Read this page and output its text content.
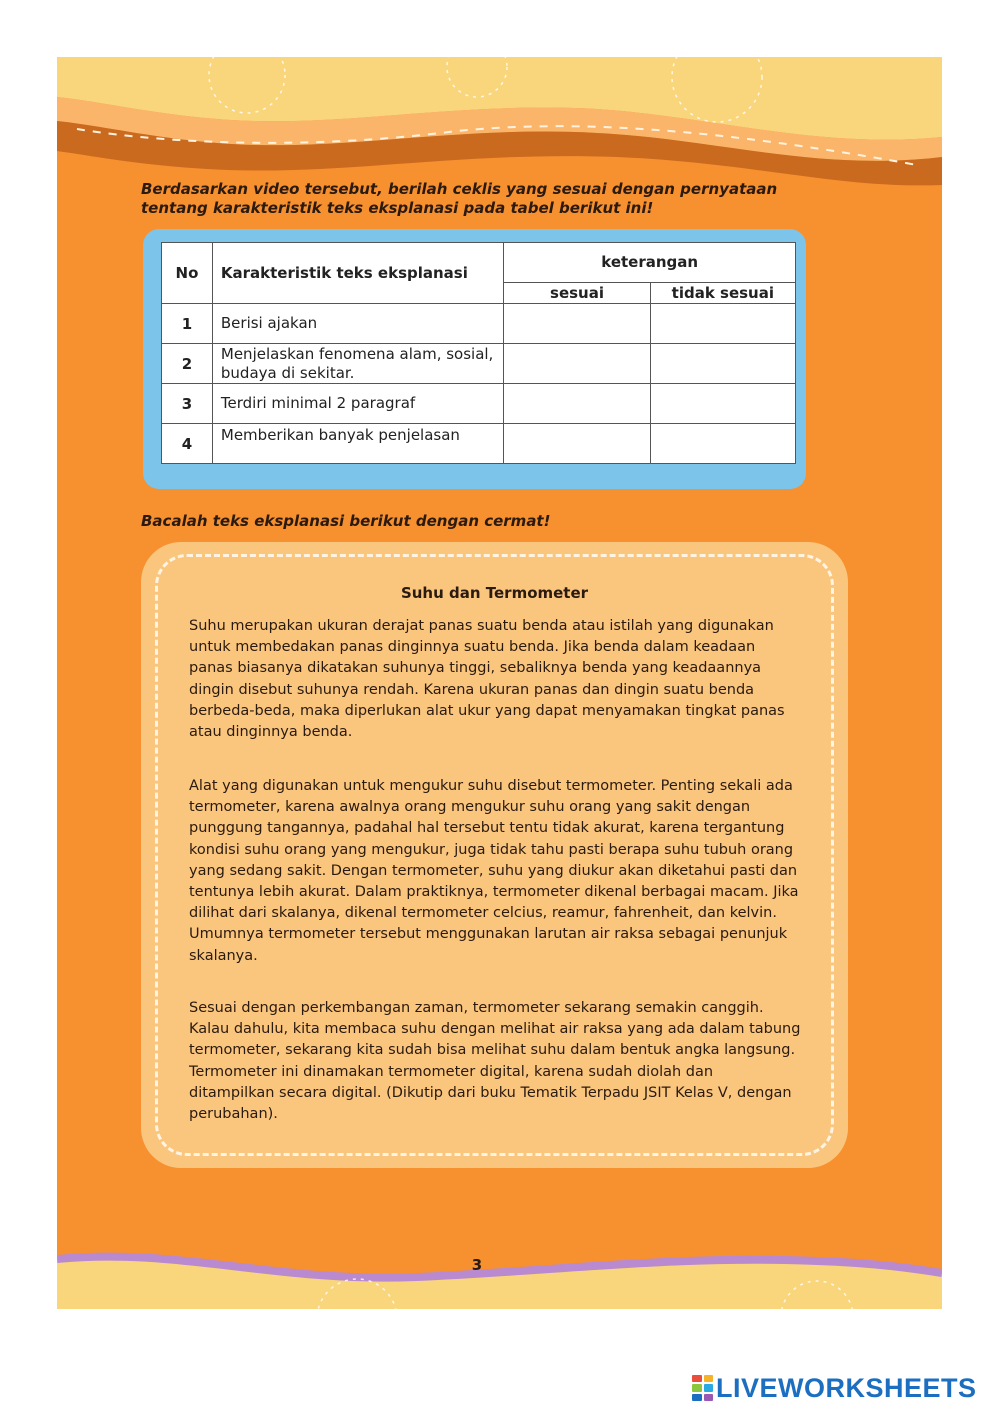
Berdasarkan video tersebut, berilah ceklis yang sesuai dengan pernyataan tentang karakteristik teks eksplanasi pada tabel berikut ini!

No	Karakteristik teks eksplanasi	keterangan	
		sesuai	tidak sesuai
1	Berisi ajakan		
2	Menjelaskan fenomena alam, sosial, budaya di sekitar.		
3	Terdiri minimal 2 paragraf		
4	Memberikan banyak penjelasan		

Bacalah teks eksplanasi berikut dengan cermat!

Suhu dan Termometer

Suhu merupakan ukuran derajat panas suatu benda atau istilah yang digunakan untuk membedakan panas dinginnya suatu benda. Jika benda dalam keadaan panas biasanya dikatakan suhunya tinggi, sebaliknya benda yang keadaannya dingin disebut suhunya rendah. Karena ukuran panas dan dingin suatu benda berbeda-beda, maka diperlukan alat ukur yang dapat menyamakan tingkat panas atau dinginnya benda.

Alat yang digunakan untuk mengukur suhu disebut termometer. Penting sekali ada termometer, karena awalnya orang mengukur suhu orang yang sakit dengan punggung tangannya, padahal hal tersebut tentu tidak akurat, karena tergantung kondisi suhu orang yang mengukur, juga tidak tahu pasti berapa suhu tubuh orang yang sedang sakit. Dengan termometer, suhu yang diukur akan diketahui pasti dan tentunya lebih akurat. Dalam praktiknya, termometer dikenal berbagai macam. Jika dilihat dari skalanya, dikenal termometer celcius, reamur, fahrenheit, dan kelvin. Umumnya termometer tersebut menggunakan larutan air raksa sebagai penunjuk skalanya.

Sesuai dengan perkembangan zaman, termometer sekarang semakin canggih. Kalau dahulu, kita membaca suhu dengan melihat air raksa yang ada dalam tabung termometer, sekarang kita sudah bisa melihat suhu dalam bentuk angka langsung. Termometer ini dinamakan termometer digital, karena sudah diolah dan ditampilkan secara digital. (Dikutip dari buku Tematik Terpadu JSIT Kelas V, dengan perubahan).

3
LIVEWORKSHEETS
